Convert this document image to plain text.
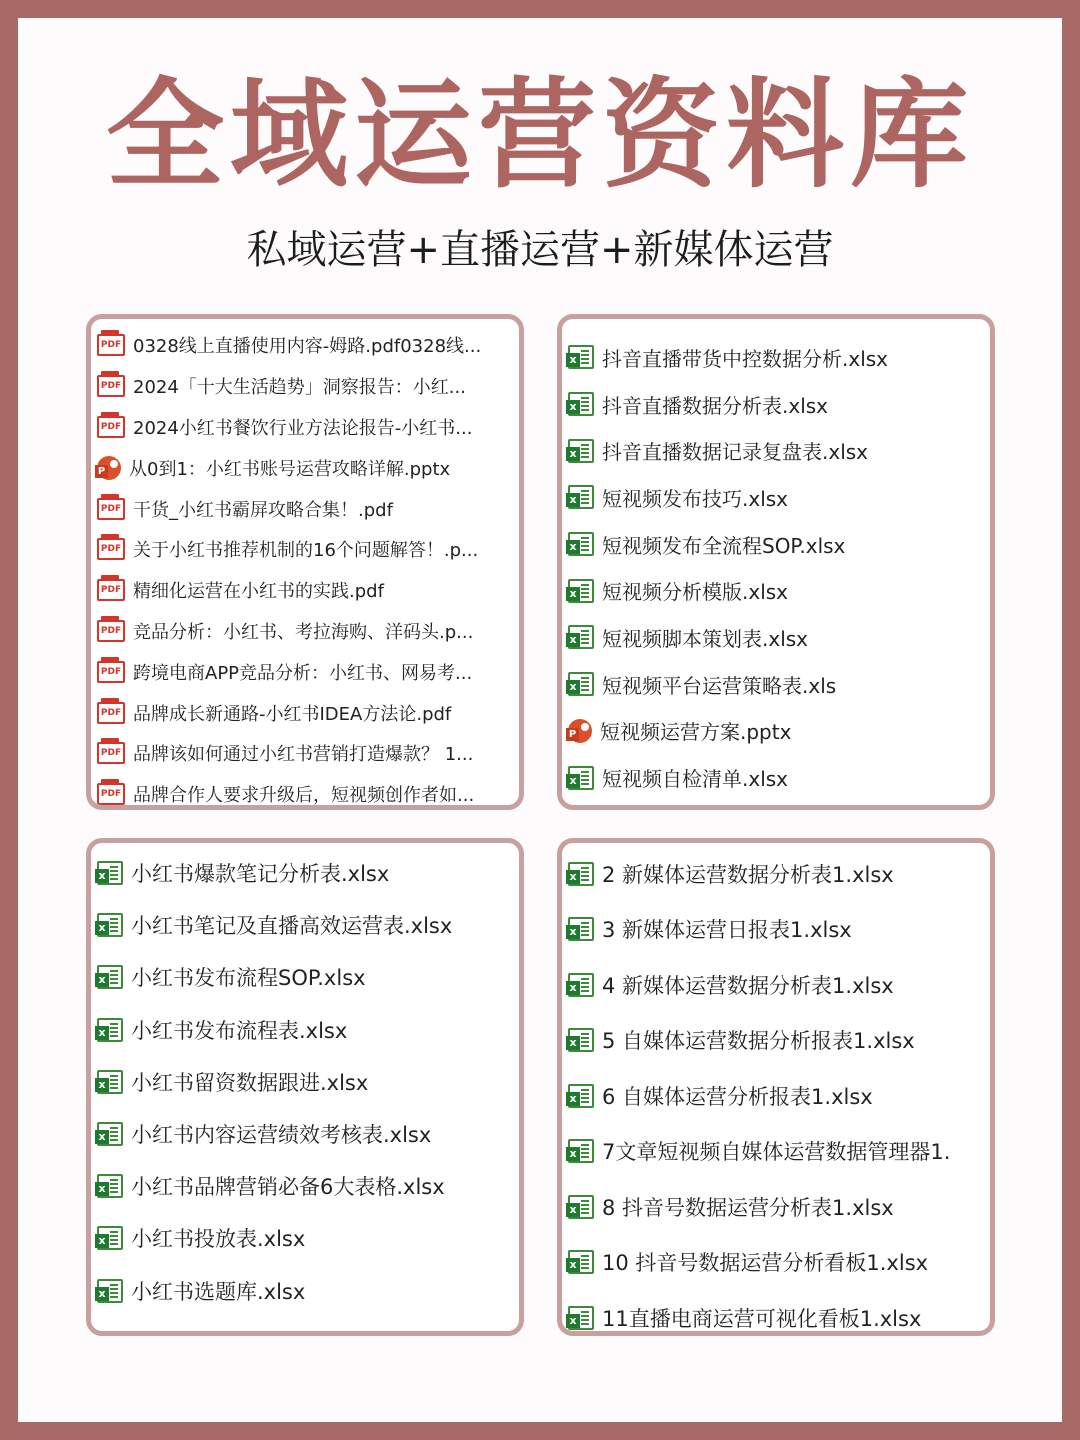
全域运营资料库
私域运营+直播运营+新媒体运营
PDF 0328线上直播使用内容-姆路.pdf0328线...
PDF 2024「十大生活趋势」洞察报告：小红...
PDF 2024小红书餐饮行业方法论报告-小红书...
P
从0到1：小红书账号运营攻略详解.pptx
PDF 干货_小红书霸屏攻略合集！.pdf
PDF 关于小红书推荐机制的16个问题解答！.p...
PDF 精细化运营在小红书的实践.pdf
PDF 竞品分析：小红书、考拉海购、洋码头.p...
PDF 跨境电商APP竞品分析：小红书、网易考...
PDF 品牌成长新通路-小红书IDEA方法论.pdf
PDF 品牌该如何通过小红书营销打造爆款？ 1...
PDF 品牌合作人要求升级后，短视频创作者如...
x
抖音直播带货中控数据分析.xlsx
x
抖音直播数据分析表.xlsx
x
抖音直播数据记录复盘表.xlsx
x
短视频发布技巧.xlsx
x
短视频发布全流程SOP.xlsx
x
短视频分析模版.xlsx
x
短视频脚本策划表.xlsx
x
短视频平台运营策略表.xls
P
短视频运营方案.pptx
x
短视频自检清单.xlsx
x
小红书爆款笔记分析表.xlsx
x
小红书笔记及直播高效运营表.xlsx
x
小红书发布流程SOP.xlsx
x
小红书发布流程表.xlsx
x
小红书留资数据跟进.xlsx
x
小红书内容运营绩效考核表.xlsx
x
小红书品牌营销必备6大表格.xlsx
x
小红书投放表.xlsx
x
小红书选题库.xlsx
x
2 新媒体运营数据分析表1.xlsx
x
3 新媒体运营日报表1.xlsx
x
4 新媒体运营数据分析表1.xlsx
x
5 自媒体运营数据分析报表1.xlsx
x
6 自媒体运营分析报表1.xlsx
x
7文章短视频自媒体运营数据管理器1.
x
8 抖音号数据运营分析表1.xlsx
x
10 抖音号数据运营分析看板1.xlsx
x
11直播电商运营可视化看板1.xlsx
